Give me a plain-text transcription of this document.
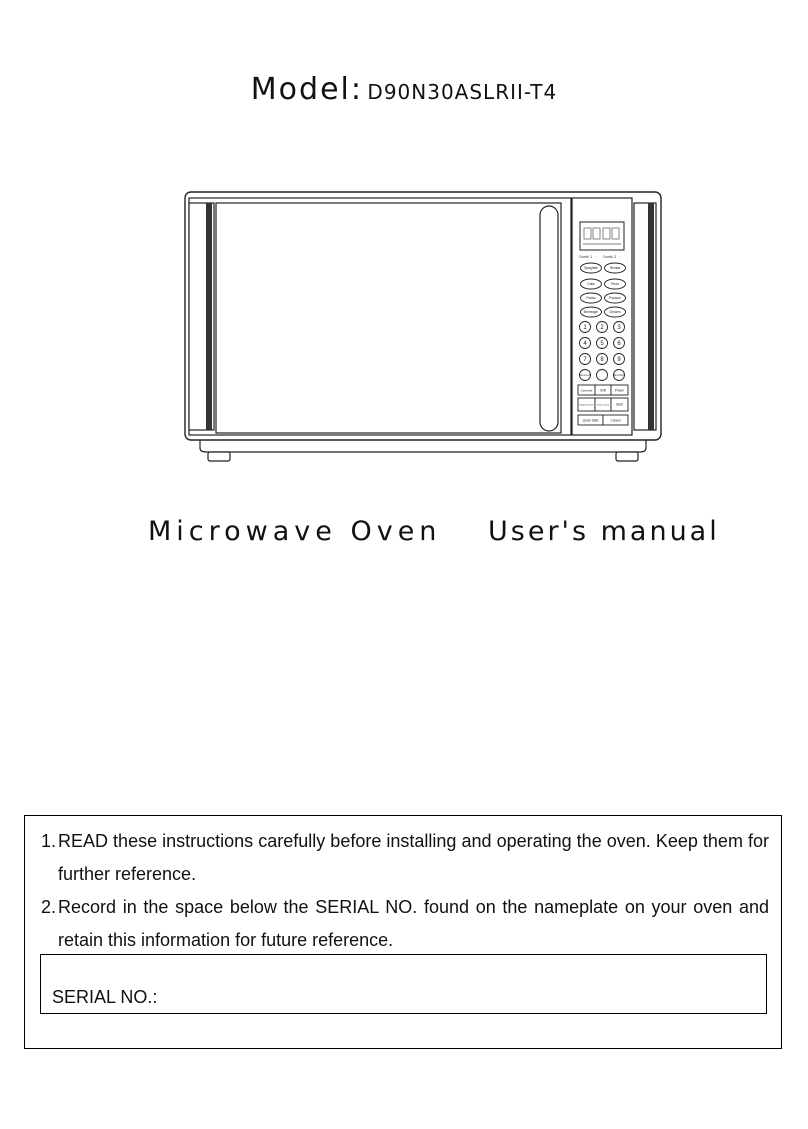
Model: D90N30ASLRII-T4
Combi. 1	Combi. 2
Spaghetti	Reheat
Cake	Pizza
Potato	Popcorn
Beverage	Chicken
1 2 3
4 5 6
7 8 9
Menu Left	Menu Right
Casserole Grill	Power
Weight Defrost Timer/ Clock Start
Quick Start	Cancel
Microwave Oven User's manual
1. READ these instructions carefully before installing and operating the oven. Keep them for further reference.
2. Record in the space below the SERIAL NO. found on the nameplate on your oven and retain this information for future reference.
SERIAL NO.:
